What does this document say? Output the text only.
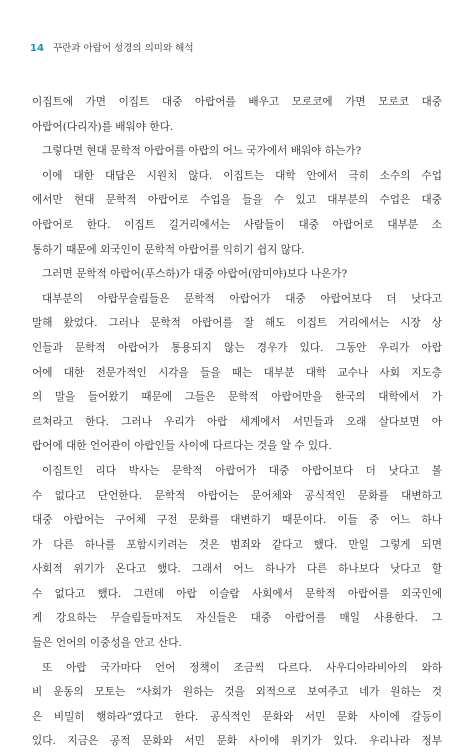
14 꾸란과 아랍어 성경의 의미와 해석
이집트에 가면 이집트 대중 아랍어를 배우고 모로코에 가면 모로코 대중
아랍어(다리자)를 배워야 한다.
그렇다면 현대 문학적 아랍어를 아랍의 어느 국가에서 배워야 하는가?
이에 대한 대답은 시원치 않다. 이집트는 대학 안에서 극히 소수의 수업
에서만 현대 문학적 아랍어로 수업을 들을 수 있고 대부분의 수업은 대중
아랍어로 한다. 이집트 길거리에서는 사람들이 대중 아랍어로 대부분 소
통하기 때문에 외국인이 문학적 아랍어를 익히기 쉽지 않다.
그러면 문학적 아랍어(푸스하)가 대중 아랍어(암미야)보다 나은가?
대부분의 아랍무슬림들은 문학적 아랍어가 대중 아랍어보다 더 낫다고
말해 왔었다. 그러나 문학적 아랍어를 잘 해도 이집트 거리에서는 시장 상
인들과 문학적 아랍어가 통용되지 않는 경우가 있다. 그동안 우리가 아랍
어에 대한 전문가적인 시각을 들을 때는 대부분 대학 교수나 사회 지도층
의 말을 들어왔기 때문에 그들은 문학적 아랍어만을 한국의 대학에서 가
르쳐라고 한다. 그러나 우리가 아랍 세계에서 서민들과 오래 살다보면 아
랍어에 대한 언어관이 아랍인들 사이에 다르다는 것을 알 수 있다.
이집트인 리다 박사는 문학적 아랍어가 대중 아랍어보다 더 낫다고 볼
수 없다고 단언한다. 문학적 아랍어는 문어체와 공식적인 문화를 대변하고
대중 아랍어는 구어체 구전 문화를 대변하기 때문이다. 이들 중 어느 하나
가 다른 하나를 포함시키려는 것은 범죄와 같다고 했다. 만일 그렇게 되면
사회적 위기가 온다고 했다. 그래서 어느 하나가 다른 하나보다 낫다고 할
수 없다고 했다. 그런데 아랍 이슬람 사회에서 문학적 아랍어를 외국인에
게 강요하는 무슬림들마저도 자신들은 대중 아랍어를 매일 사용한다. 그
들은 언어의 이중성을 안고 산다.
또 아랍 국가마다 언어 정책이 조금씩 다르다. 사우디아라비아의 와하
비 운동의 모토는 “사회가 원하는 것을 외적으로 보여주고 네가 원하는 것
은 비밀히 행하라”였다고 한다. 공식적인 문화와 서민 문화 사이에 갈등이
있다. 지금은 공적 문화와 서민 문화 사이에 위기가 있다. 우리나라 정부
